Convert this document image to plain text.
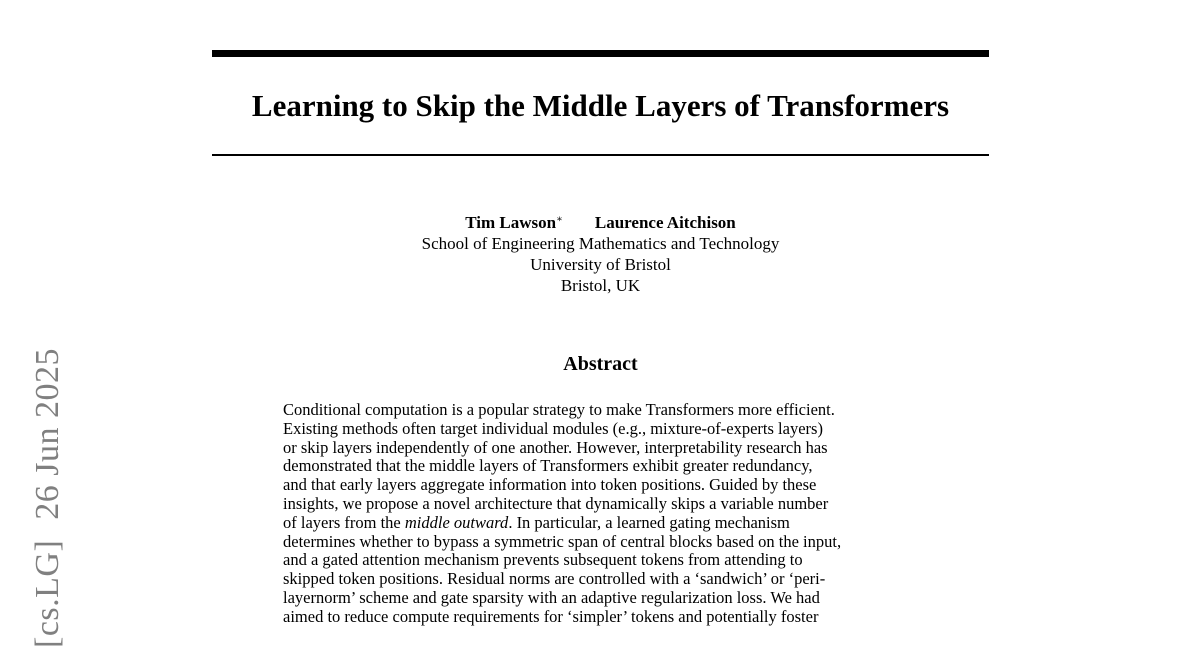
Learning to Skip the Middle Layers of Transformers
Tim Lawson∗ Laurence Aitchison
School of Engineering Mathematics and Technology
University of Bristol
Bristol, UK
Abstract
Conditional computation is a popular strategy to make Transformers more efficient.
Existing methods often target individual modules (e.g., mixture-of-experts layers)
or skip layers independently of one another. However, interpretability research has
demonstrated that the middle layers of Transformers exhibit greater redundancy,
and that early layers aggregate information into token positions. Guided by these
insights, we propose a novel architecture that dynamically skips a variable number
of layers from the middle outward. In particular, a learned gating mechanism
determines whether to bypass a symmetric span of central blocks based on the input,
and a gated attention mechanism prevents subsequent tokens from attending to
skipped token positions. Residual norms are controlled with a ‘sandwich’ or ‘peri-
layernorm’ scheme and gate sparsity with an adaptive regularization loss. We had
aimed to reduce compute requirements for ‘simpler’ tokens and potentially foster
[cs.LG]26 Jun 2025
